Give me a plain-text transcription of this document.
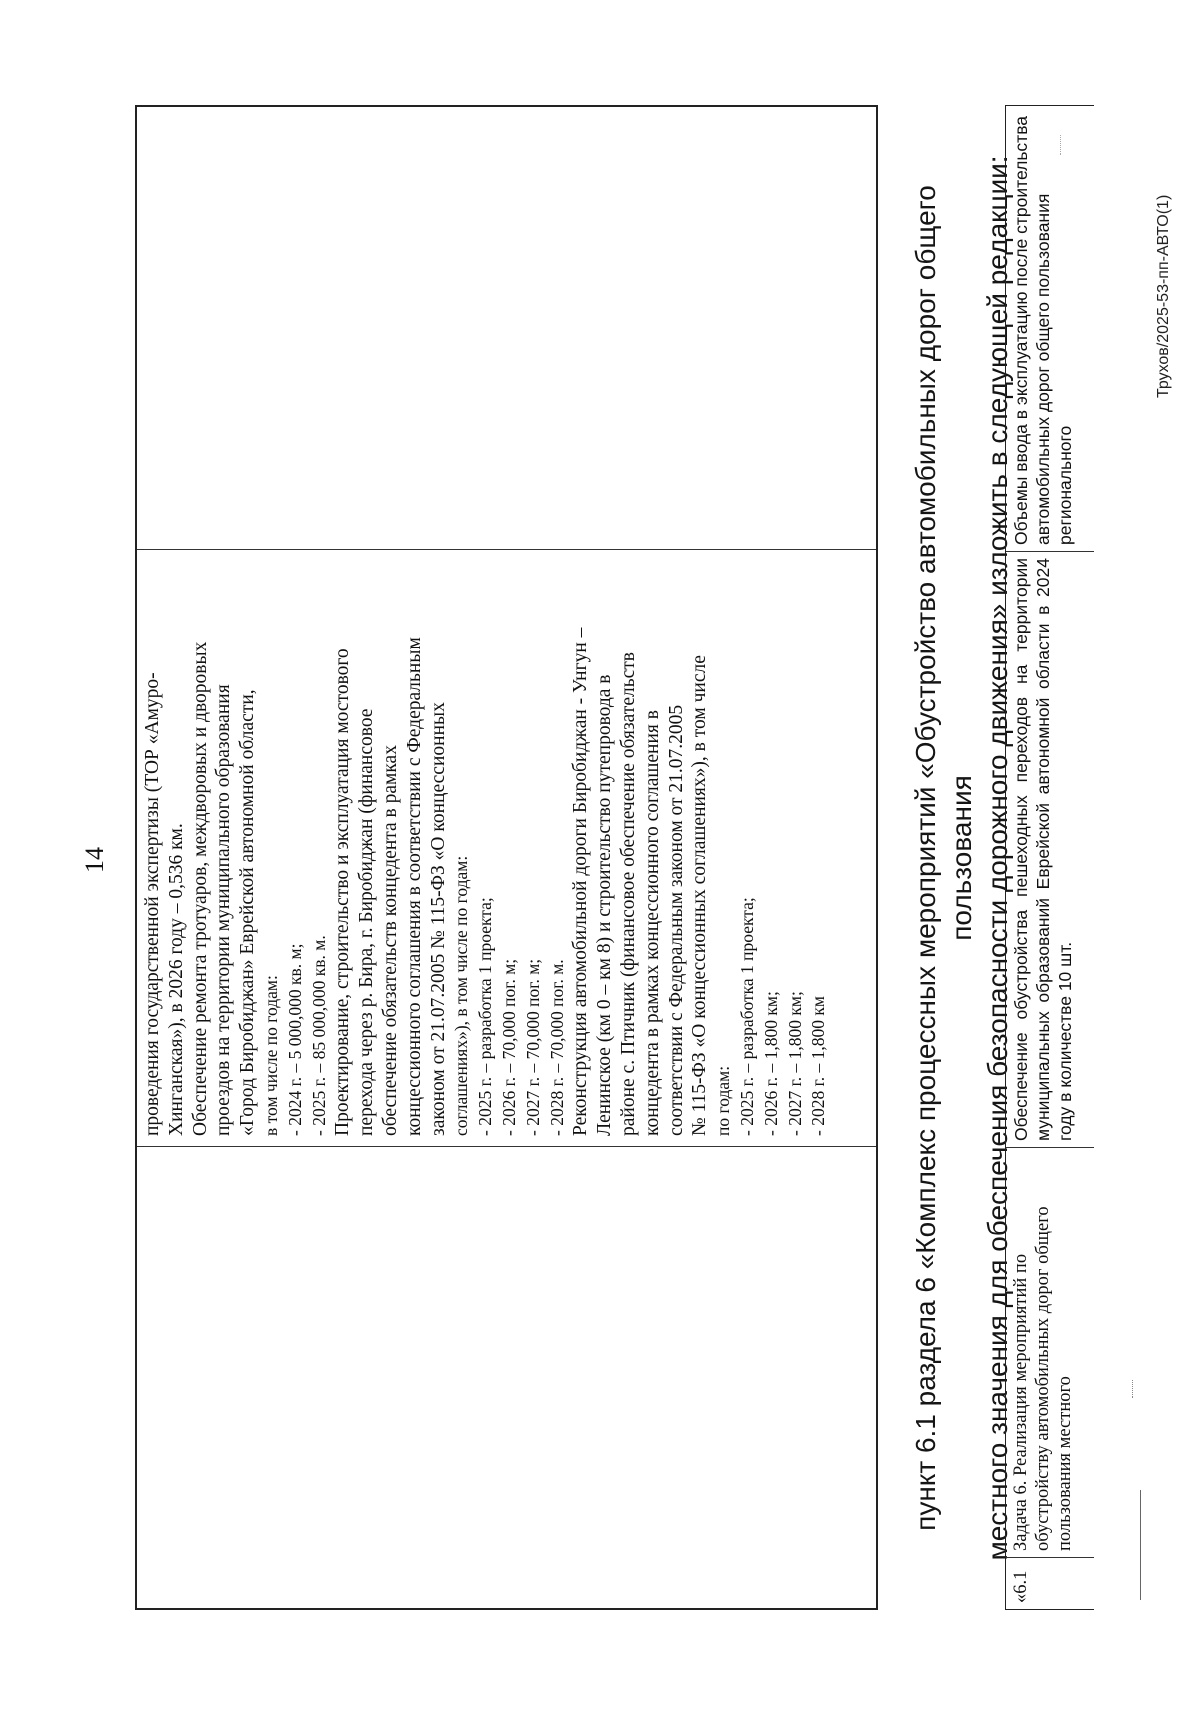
14 проведения государственной экспертизы (ТОР «Амуро- Хинганская»), в 2026 году – 0,536 км. Обеспечение ремонта тротуаров, междворовых и дворовых проездов на территории муниципального образования «Город Биробиджан» Еврейской автономной области, в том числе по годам: - 2024 г. – 5 000,000 кв. м; - 2025 г. – 85 000,000 кв. м. Проектирование, строительство и эксплуатация мостового перехода через р. Бира, г. Биробиджан (финансовое обеспечение обязательств концедента в рамках концессионного соглашения в соответствии с Федеральным законом от 21.07.2005 № 115-ФЗ «О концессионных соглашениях»), в том числе по годам: - 2025 г. – разработка 1 проекта; - 2026 г. – 70,000 пог. м; - 2027 г. – 70,000 пог. м; - 2028 г. – 70,000 пог. м. Реконструкция автомобильной дороги Биробиджан - Унгун – Ленинское (км 0 – км 8) и строительство путепровода в районе с. Птичник (финансовое обеспечение обязательств концедента в рамках концессионного соглашения в соответствии с Федеральным законом от 21.07.2005 № 115-ФЗ «О концессионных соглашениях»), в том числе по годам: - 2025 г. – разработка 1 проекта; - 2026 г. – 1,800 км; - 2027 г. – 1,800 км; - 2028 г. – 1,800 км	пункт 6.1 раздела 6 «Комплекс процессных мероприятий «Обустройство автомобильных дорог общего пользования местного значения для обеспечения безопасности дорожного движения» изложить в следующей редакции:
«6.1
Задача 6. Реализация мероприятий по обустройству автомобильных дорог общего пользования местного
Обеспечение обустройства пешеходных переходов на территории муниципальных образований Еврейской автономной области в 2024 году в количестве 10 шт.
Объемы ввода в эксплуатацию после строительства автомобильных дорог общего пользования регионального
Трухов/2025-53-пп-АВТО(1)
